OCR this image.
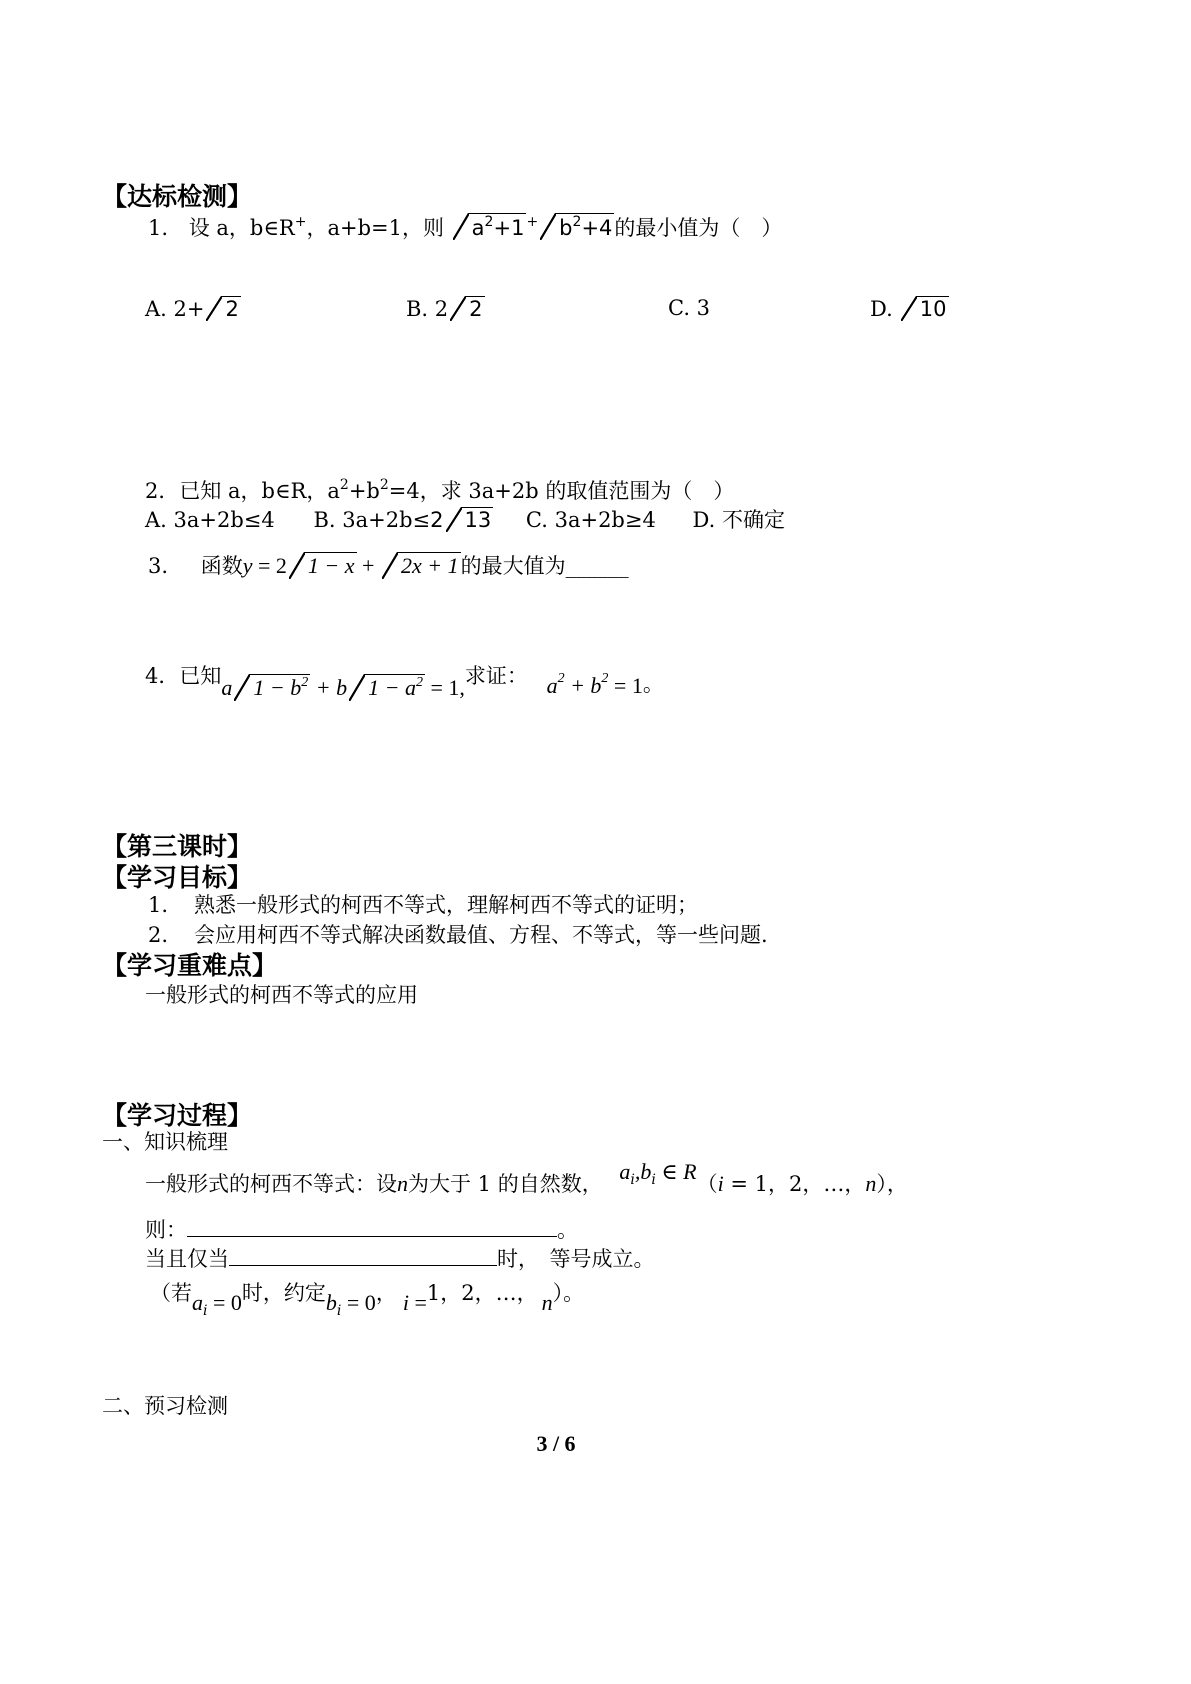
【达标检测】
1. 设 a，b∈R+，a+b=1，则 $a^2+1$ + $b^2+4$的最小值为（　）
A. 2+ 2	B. 2 2	C. 3	D. 10
2．已知 a，b∈R，$a^2+b^2=4$，求 3a+2b 的取值范围为（　）
A. 3a+2b≤4 B. 3a+2b≤2 13 C. 3a+2b≥4 D. 不确定
3. 函数y = 2 1 − x + 2x + 1的最大值为______
4．已知a $1 - b^2 + b$ $1 - a^2 = 1$,求证： $a^2 + b^2 = 1$。
【第三课时】
【学习目标】
1. 熟悉一般形式的柯西不等式，理解柯西不等式的证明；
2. 会应用柯西不等式解决函数最值、方程、不等式，等一些问题.
【学习重难点】
一般形式的柯西不等式的应用
【学习过程】
一、知识梳理
一般形式的柯西不等式：设n为大于 1 的自然数， $a_i,b_i$ ∈ R（i = 1，2，…，n），
则：	。
当且仅当	时，　等号成立。
（若$a_i = 0$时，约定$b_i = 0$， i =1，2，…， n）。
二、预习检测
3 / 6
